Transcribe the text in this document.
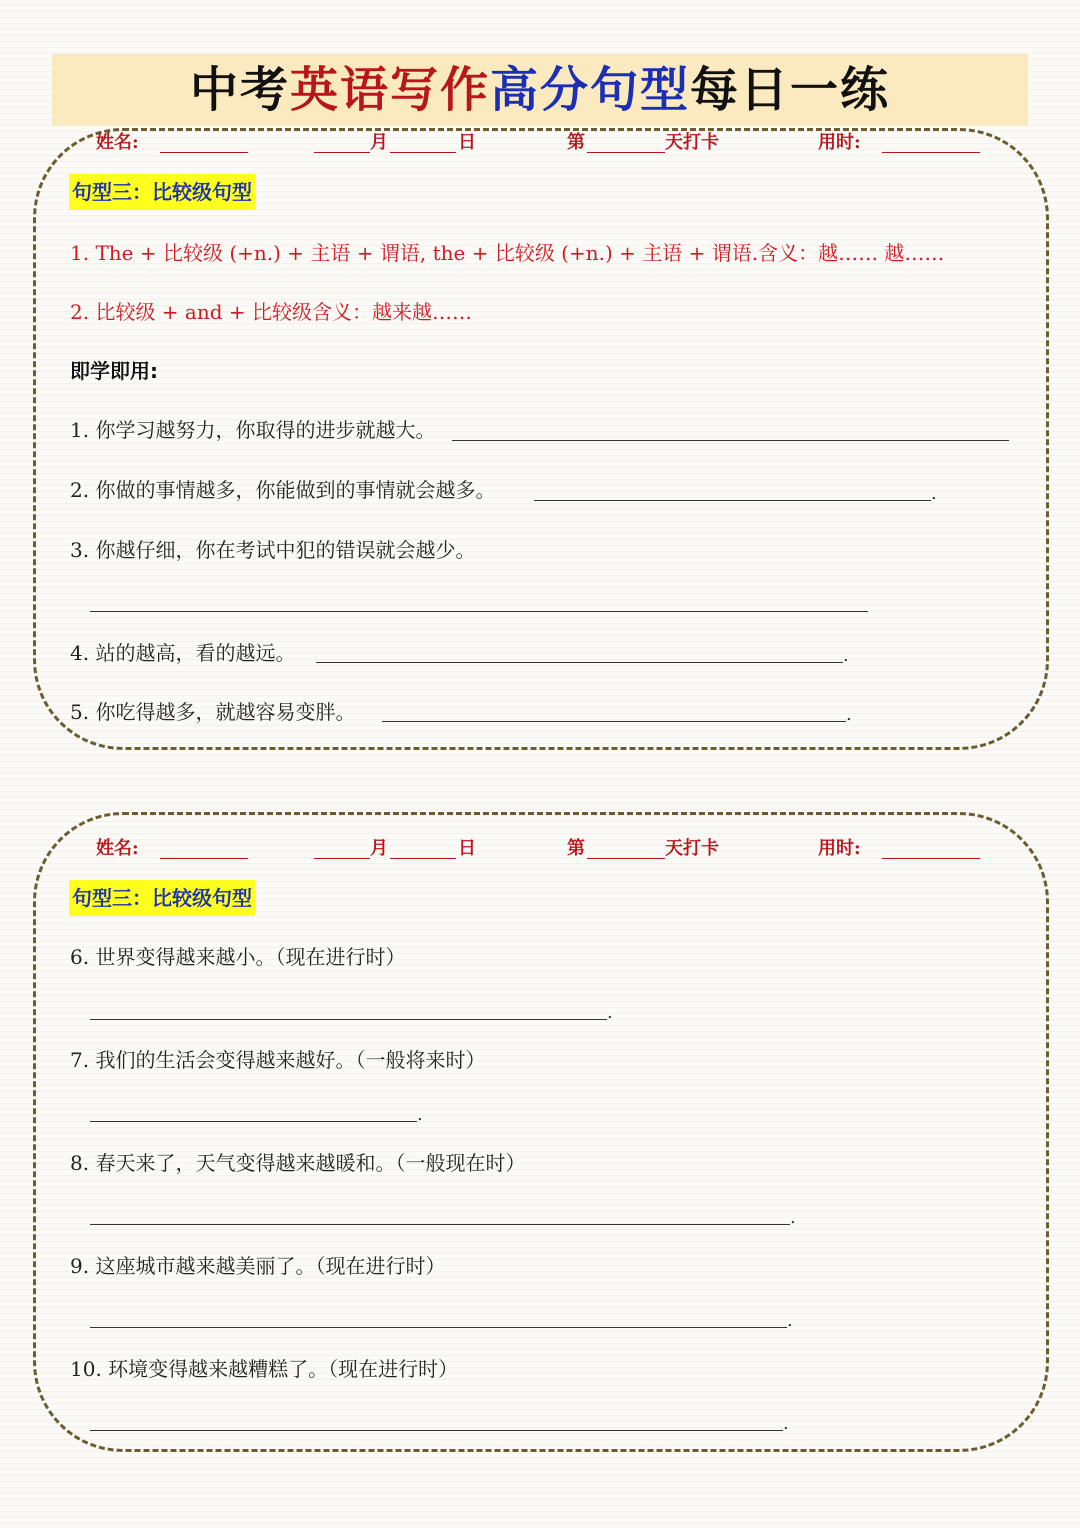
中考英语写作高分句型每日一练
姓名:	月	日	第	天打卡	用时:
句型三：比较级句型
1. The + 比较级 (+n.) + 主语 + 谓语, the + 比较级 (+n.) + 主语 + 谓语.含义：越…… 越……
2. 比较级 + and + 比较级含义：越来越……
即学即用:
1. 你学习越努力，你取得的进步就越大。
2. 你做的事情越多，你能做到的事情就会越多。	.
3. 你越仔细，你在考试中犯的错误就会越少。
4. 站的越高，看的越远。	.
5. 你吃得越多，就越容易变胖。	.
姓名:	月	日	第	天打卡	用时:
句型三：比较级句型
6. 世界变得越来越小。（现在进行时）
.
7. 我们的生活会变得越来越好。（一般将来时）
.
8. 春天来了，天气变得越来越暖和。（一般现在时）
.
9. 这座城市越来越美丽了。（现在进行时）
.
10. 环境变得越来越糟糕了。（现在进行时）
.
